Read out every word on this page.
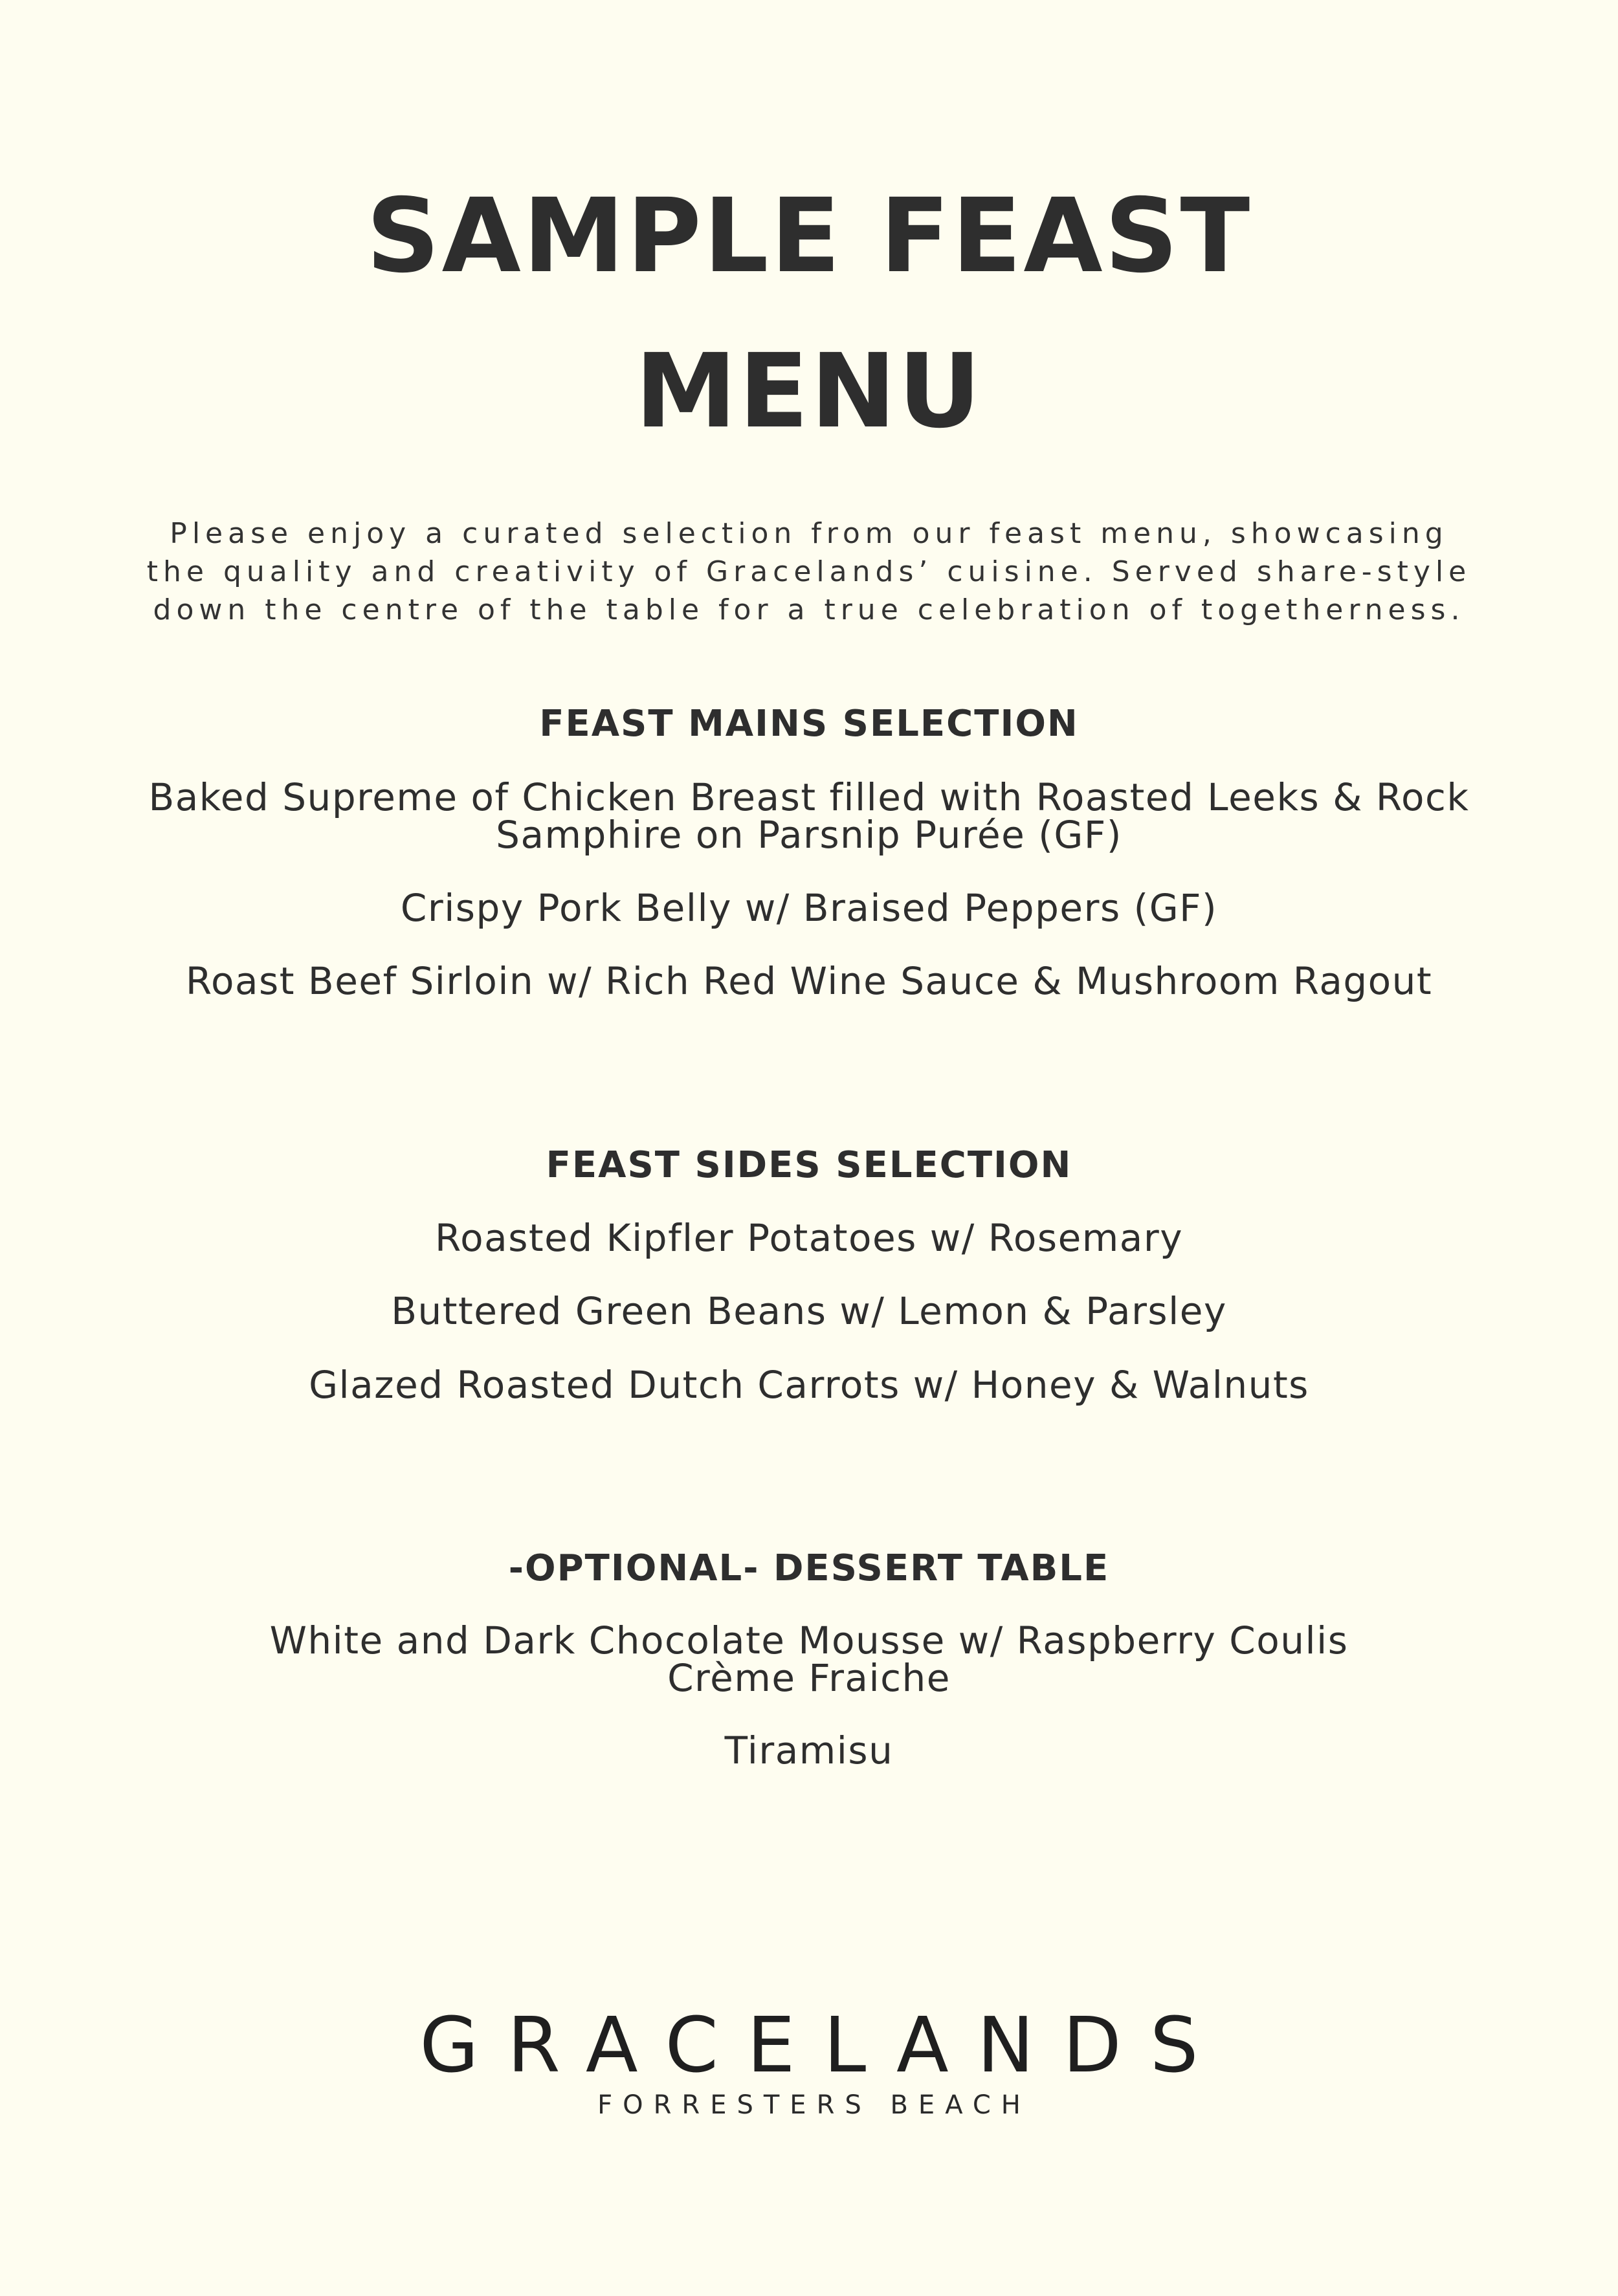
SAMPLE FEAST
MENU
Please enjoy a curated selection from our feast menu, showcasing
the quality and creativity of Gracelands’ cuisine. Served share-style
down the centre of the table for a true celebration of togetherness.
FEAST MAINS SELECTION
Baked Supreme of Chicken Breast filled with Roasted Leeks & Rock
Samphire on Parsnip Purée (GF)
Crispy Pork Belly w/ Braised Peppers (GF)
Roast Beef Sirloin w/ Rich Red Wine Sauce & Mushroom Ragout
FEAST SIDES SELECTION
Roasted Kipfler Potatoes w/ Rosemary
Buttered Green Beans w/ Lemon & Parsley
Glazed Roasted Dutch Carrots w/ Honey & Walnuts
-OPTIONAL- DESSERT TABLE
White and Dark Chocolate Mousse w/ Raspberry Coulis
Crème Fraiche
Tiramisu
GRACELANDS
FORRESTERS BEACH
